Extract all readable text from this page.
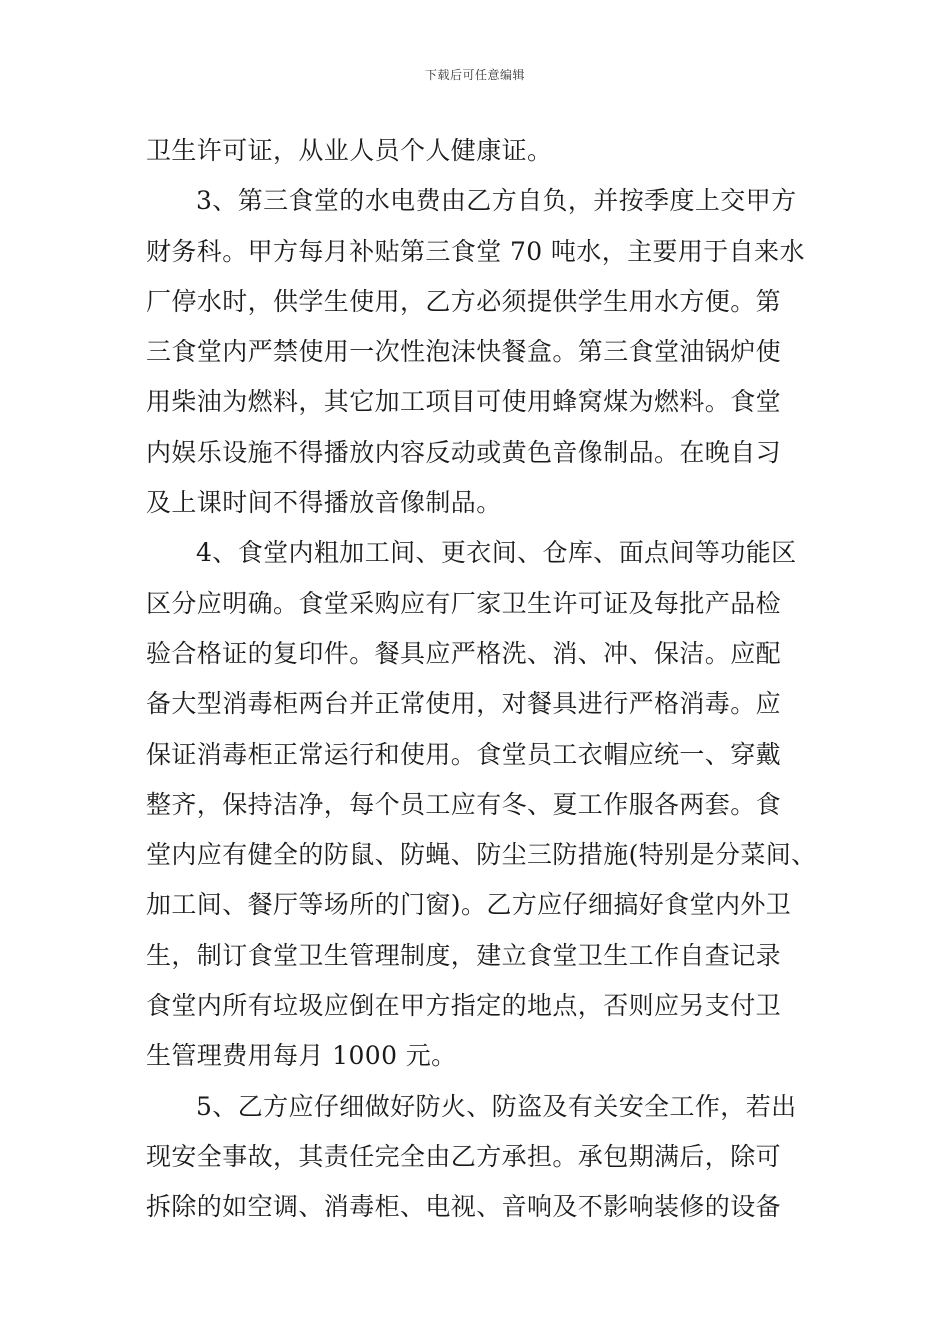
下载后可任意编辑
卫生许可证，从业人员个人健康证。
3、第三食堂的水电费由乙方自负，并按季度上交甲方
财务科。甲方每月补贴第三食堂 70 吨水，主要用于自来水
厂停水时，供学生使用，乙方必须提供学生用水方便。第
三食堂内严禁使用一次性泡沫快餐盒。第三食堂油锅炉使
用柴油为燃料，其它加工项目可使用蜂窝煤为燃料。食堂
内娱乐设施不得播放内容反动或黄色音像制品。在晚自习
及上课时间不得播放音像制品。
4、食堂内粗加工间、更衣间、仓库、面点间等功能区
区分应明确。食堂采购应有厂家卫生许可证及每批产品检
验合格证的复印件。餐具应严格洗、消、冲、保洁。应配
备大型消毒柜两台并正常使用，对餐具进行严格消毒。应
保证消毒柜正常运行和使用。食堂员工衣帽应统一、穿戴
整齐，保持洁净，每个员工应有冬、夏工作服各两套。食
堂内应有健全的防鼠、防蝇、防尘三防措施(特别是分菜间、
加工间、餐厅等场所的门窗)。乙方应仔细搞好食堂内外卫
生，制订食堂卫生管理制度，建立食堂卫生工作自查记录
食堂内所有垃圾应倒在甲方指定的地点，否则应另支付卫
生管理费用每月 1000 元。
5、乙方应仔细做好防火、防盗及有关安全工作，若出
现安全事故，其责任完全由乙方承担。承包期满后，除可
拆除的如空调、消毒柜、电视、音响及不影响装修的设备
